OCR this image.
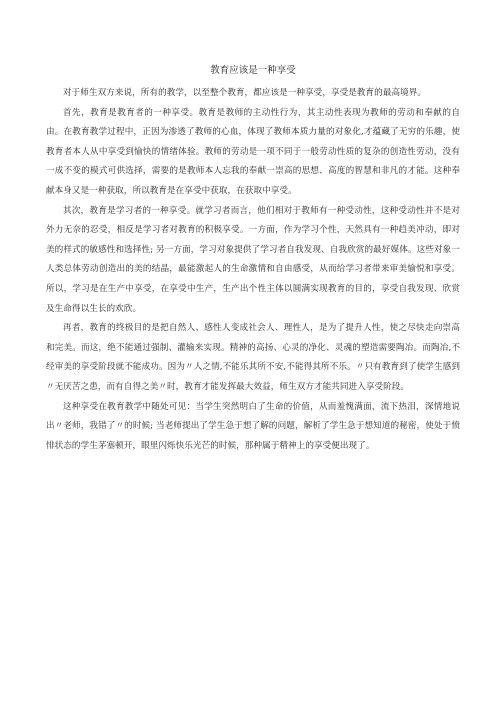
教育应该是一种享受

对于师生双方来说，所有的教学，以至整个教育，都应该是一种享受，享受是教育的最高境界。

首先，教育是教育者的一种享受。教育是教师的主动性行为，其主动性表现为教师的劳动和奉献的自由。在教育教学过程中，正因为渗透了教师的心血，体现了教师本质力量的对象化,才蕴藏了无穷的乐趣，使教育者本人从中享受到愉快的情绪体验。教师的劳动是一项不同于一般劳动性质的复杂的创造性劳动，没有一成不变的模式可供选择，需要的是教师本人忘我的奉献一崇高的思想、高度的智慧和非凡的才能。这种奉献本身又是一种获取，所以教育是在享受中获取，在获取中享受。

其次，教育是学习者的一种享受。就学习者而言，他们相对于教师有一种受动性，这种受动性并不是对外力无奈的忍受，相反是学习者对教育的积极享受。一方面，作为学习个性，天然具有一种趋美冲动，即对美的样式的敏感性和选择性; 另一方面，学习对象提供了学习者自我发现、自我欣赏的最好媒体。这些对象一人类总体劳动创造出的美的结晶，最能激起人的生命激情和自由感受，从而给学习者带来审美愉悦和享受。所以，学习是在生产中享受，在享受中生产，生产出个性主体以圆满实现教育的目的，享受自我发现、欣赏及生命得以生长的欢欣。

再者，教育的终极目的是把自然人、感性人变成社会人、理性人，是为了提升人性，使之尽快走向崇高和完美。而这，绝不能通过强制、灌输来实现。精神的高扬、心灵的净化、灵魂的塑造需要陶冶。而陶冶,不经审美的享受阶段就不能成功。因为〃人之情,不能乐其所不安,不能得其所不乐。〃只有教育到了使学生感到〃无厌苦之患，而有自得之美〃时，教育才能发挥最大效益，师生双方才能共同进入享受阶段。

这种享受在教育教学中随处可见：当学生突然明白了生命的价值，从而羞愧满面，流下热泪，深情地说出〃老师，我错了〃的时候; 当老师提出了学生急于想了解的问题，解析了学生急于想知道的秘密，使处于愤悱状态的学生茅塞顿开，眼里闪烁快乐光芒的时候，那种属于精神上的享受便出现了。
